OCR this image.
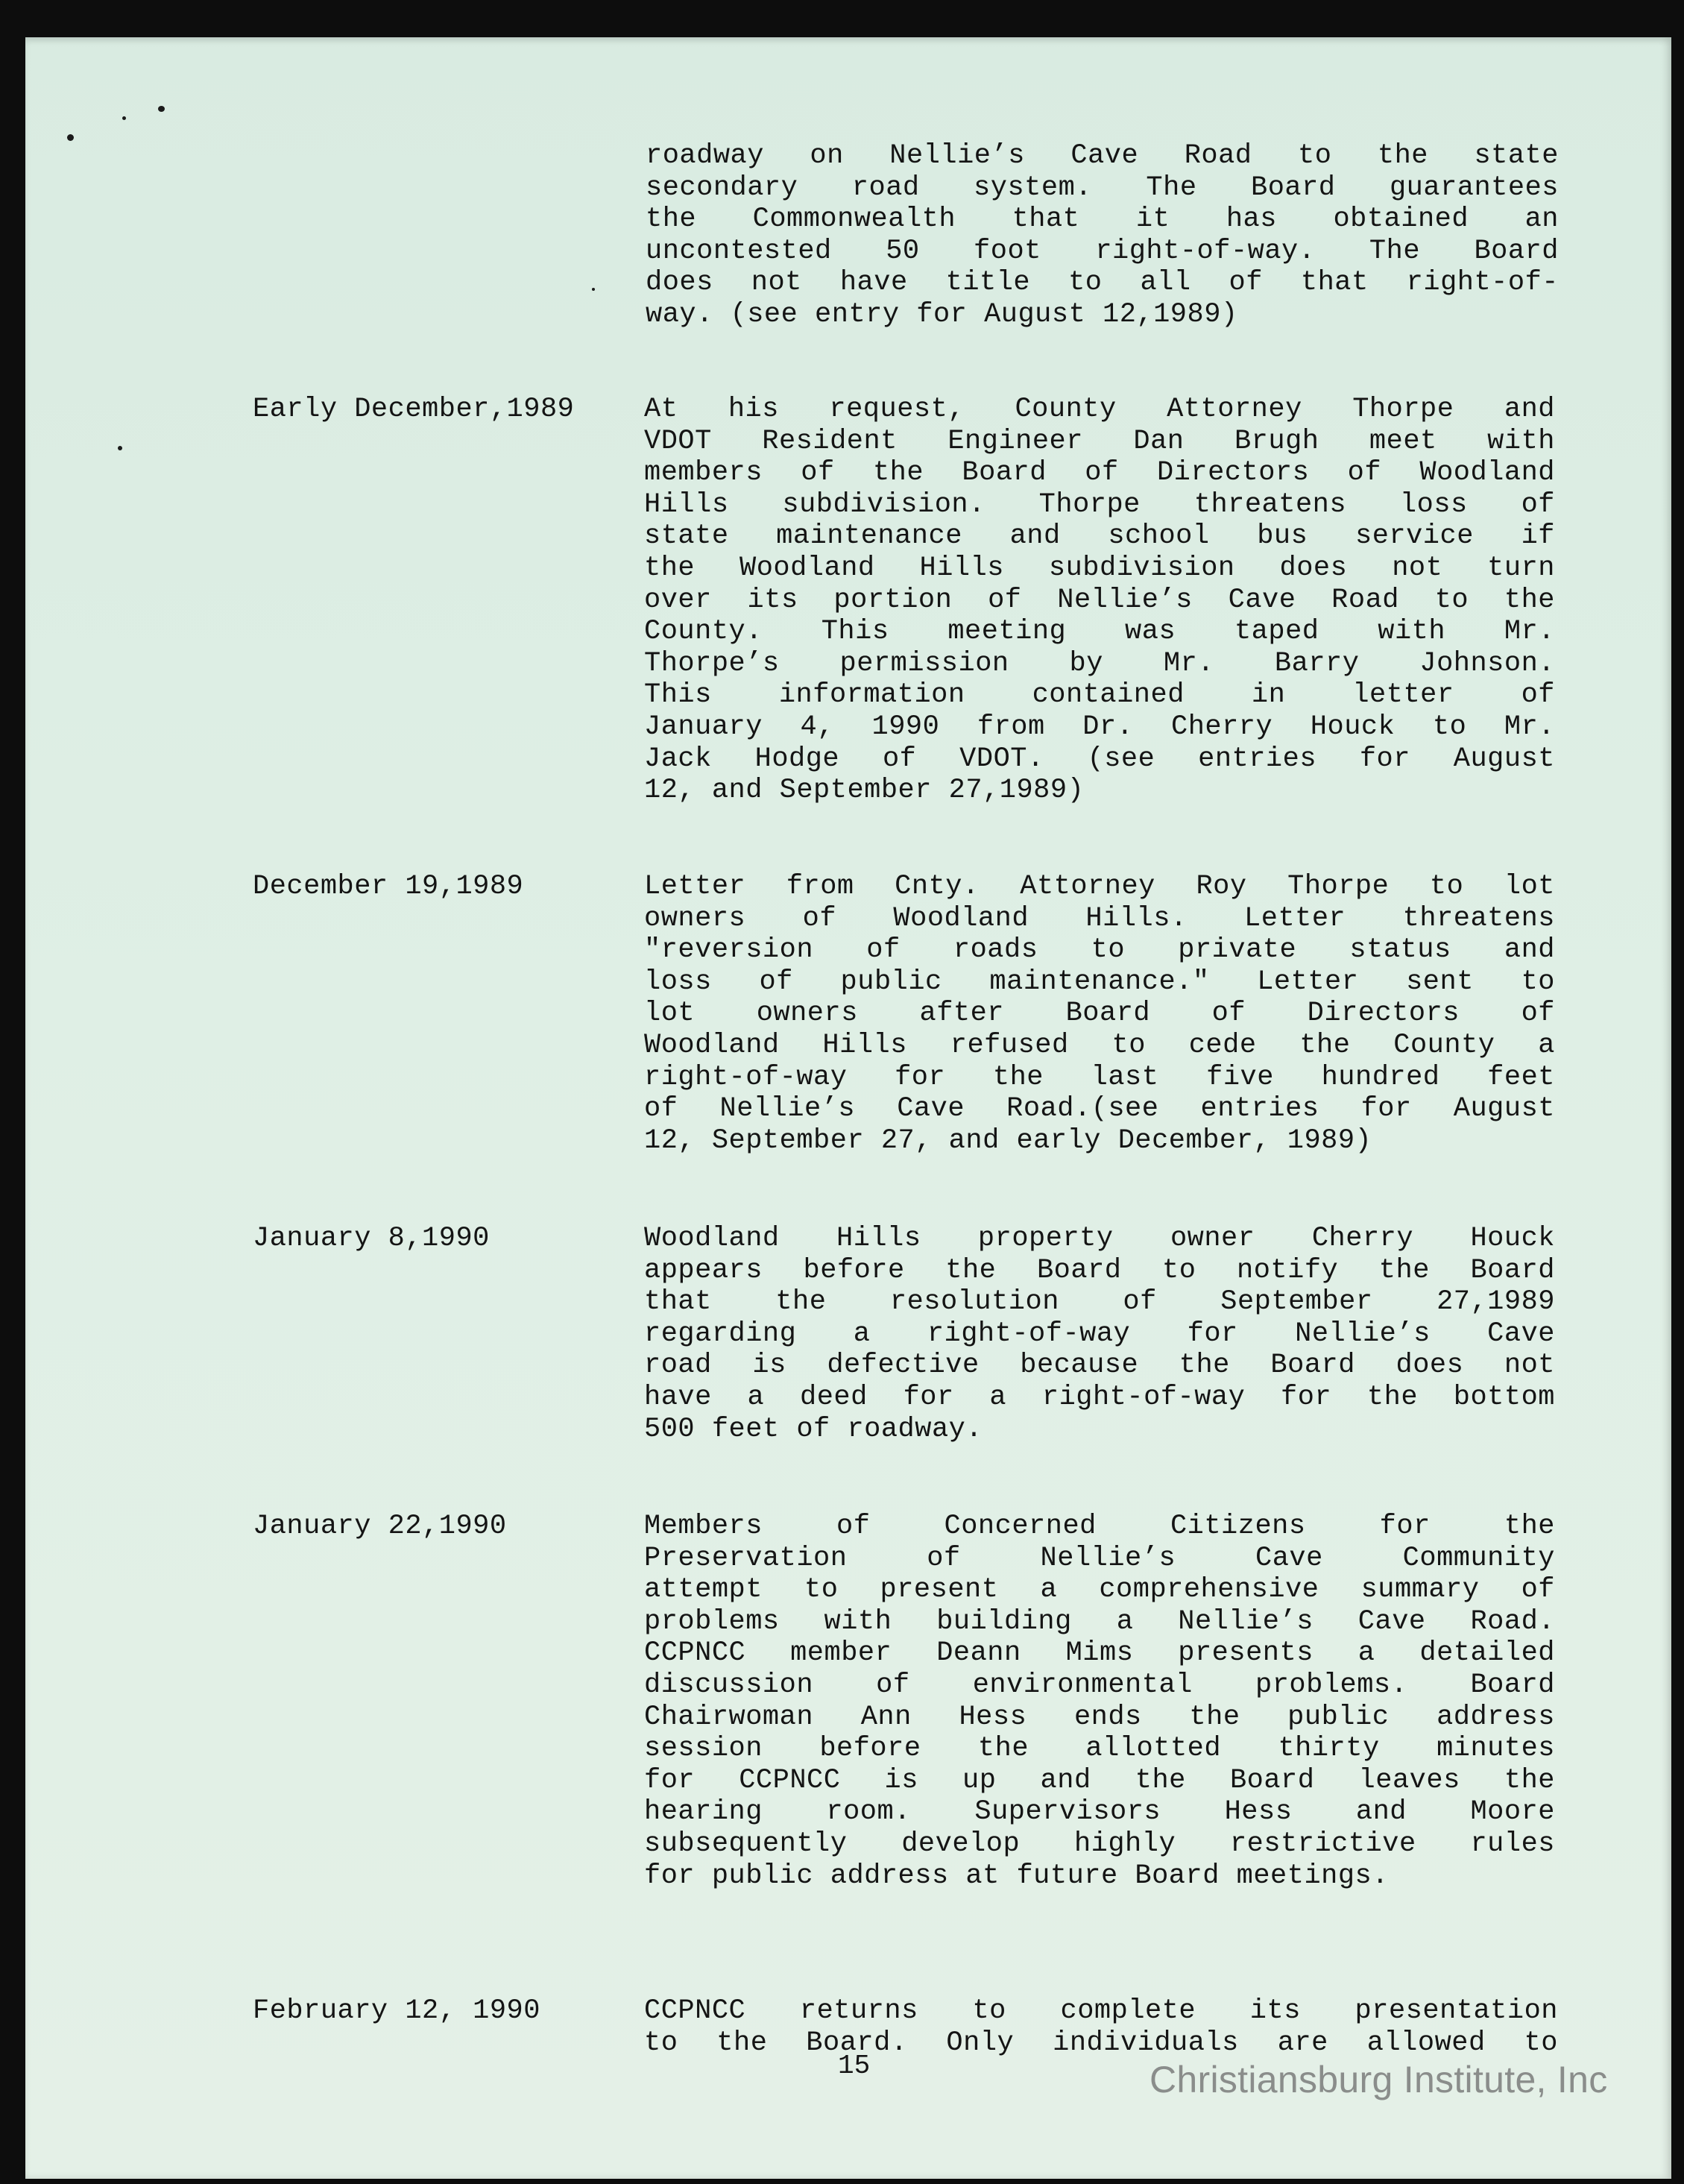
roadway on Nellie’s Cave Road to the state
secondary road system. The Board guarantees
the Commonwealth that it has obtained an
uncontested 50 foot right-of-way. The Board
does not have title to all of that right-of-
way. (see entry for August 12,1989)
Early December,1989	At his request, County Attorney Thorpe and
VDOT Resident Engineer Dan Brugh meet with
members of the Board of Directors of Woodland
Hills subdivision. Thorpe threatens loss of
state maintenance and school bus service if
the Woodland Hills subdivision does not turn
over its portion of Nellie’s Cave Road to the
County. This meeting was taped with Mr.
Thorpe’s permission by Mr. Barry Johnson.
This information contained in letter of
January 4, 1990 from Dr. Cherry Houck to Mr.
Jack Hodge of VDOT. (see entries for August
12, and September 27,1989)
December 19,1989	Letter from Cnty. Attorney Roy Thorpe to lot
owners of Woodland Hills. Letter threatens
"reversion of roads to private status and
loss of public maintenance." Letter sent to
lot owners after Board of Directors of
Woodland Hills refused to cede the County a
right-of-way for the last five hundred feet
of Nellie’s Cave Road.(see entries for August
12, September 27, and early December, 1989)
January 8,1990	Woodland Hills property owner Cherry Houck
appears before the Board to notify the Board
that the resolution of September 27,1989
regarding a right-of-way for Nellie’s Cave
road is defective because the Board does not
have a deed for a right-of-way for the bottom
500 feet of roadway.
January 22,1990	Members of Concerned Citizens for the
Preservation of Nellie’s Cave Community
attempt to present a comprehensive summary of
problems with building a Nellie’s Cave Road.
CCPNCC member Deann Mims presents a detailed
discussion of environmental problems. Board
Chairwoman Ann Hess ends the public address
session before the allotted thirty minutes
for CCPNCC is up and the Board leaves the
hearing room. Supervisors Hess and Moore
subsequently develop highly restrictive rules
for public address at future Board meetings.
February 12, 1990	CCPNCC returns to complete its presentation
to the Board. Only individuals are allowed to
15	Christiansburg Institute, Inc
